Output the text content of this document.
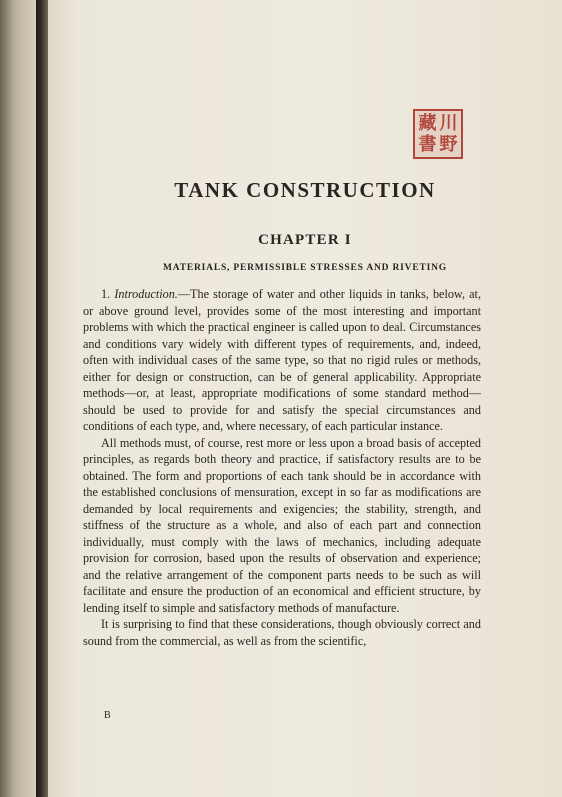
川
野
藏
書
TANK CONSTRUCTION
CHAPTER I
MATERIALS, PERMISSIBLE STRESSES AND RIVETING

1. Introduction.—The storage of water and other liquids in tanks, below, at, or above ground level, provides some of the most interesting and important problems with which the practical engineer is called upon to deal. Circumstances and conditions vary widely with different types of requirements, and, indeed, often with individual cases of the same type, so that no rigid rules or methods, either for design or construction, can be of general applicability. Appropriate methods—or, at least, appropriate modifications of some standard method—should be used to provide for and satisfy the special circumstances and conditions of each type, and, where necessary, of each particular instance.

All methods must, of course, rest more or less upon a broad basis of accepted principles, as regards both theory and practice, if satisfactory results are to be obtained. The form and proportions of each tank should be in accordance with the established conclusions of mensuration, except in so far as modifications are demanded by local requirements and exigencies; the stability, strength, and stiffness of the structure as a whole, and also of each part and connection individually, must comply with the laws of mechanics, including adequate provision for corrosion, based upon the results of observation and experience; and the relative arrangement of the component parts needs to be such as will facilitate and ensure the production of an economical and efficient structure, by lending itself to simple and satisfactory methods of manufacture.

It is surprising to find that these considerations, though obviously correct and sound from the commercial, as well as from the scientific,

B
